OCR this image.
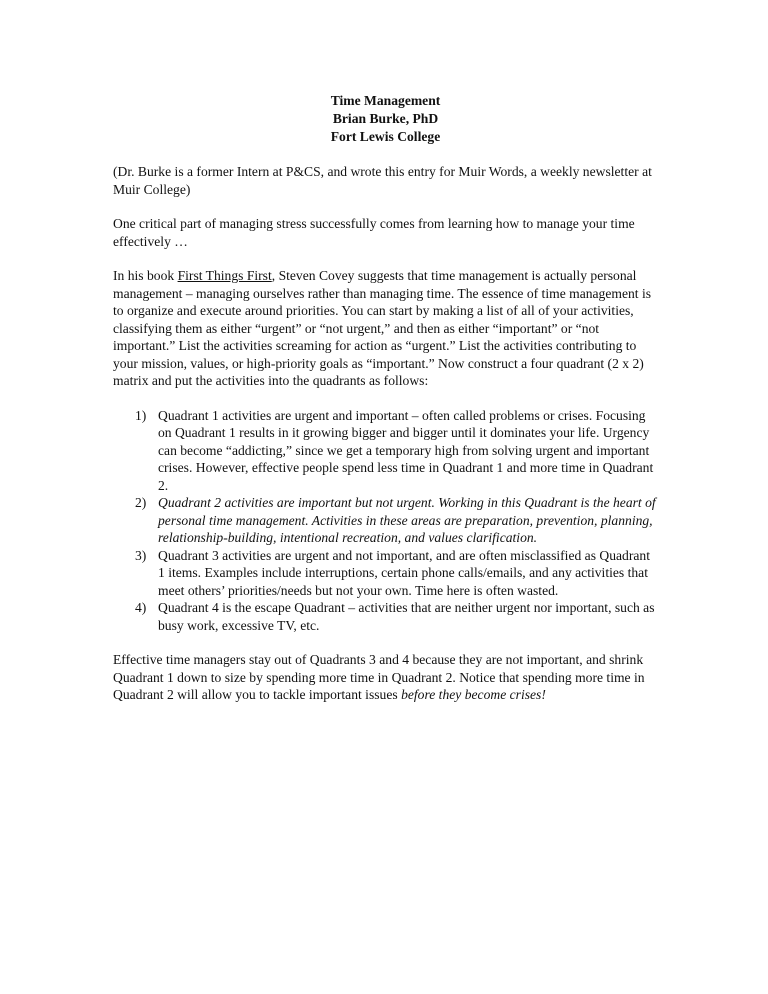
Time Management
Brian Burke, PhD
Fort Lewis College

(Dr. Burke is a former Intern at P&CS, and wrote this entry for Muir Words, a weekly newsletter at Muir College)

One critical part of managing stress successfully comes from learning how to manage your time effectively …

In his book First Things First, Steven Covey suggests that time management is actually personal management – managing ourselves rather than managing time. The essence of time management is to organize and execute around priorities. You can start by making a list of all of your activities, classifying them as either “urgent” or “not urgent,” and then as either “important” or “not important.” List the activities screaming for action as “urgent.” List the activities contributing to your mission, values, or high-priority goals as “important.” Now construct a four quadrant (2 x 2) matrix and put the activities into the quadrants as follows:

1) Quadrant 1 activities are urgent and important – often called problems or crises. Focusing on Quadrant 1 results in it growing bigger and bigger until it dominates your life. Urgency can become “addicting,” since we get a temporary high from solving urgent and important crises. However, effective people spend less time in Quadrant 1 and more time in Quadrant 2.
2) Quadrant 2 activities are important but not urgent. Working in this Quadrant is the heart of personal time management. Activities in these areas are preparation, prevention, planning, relationship-building, intentional recreation, and values clarification.
3) Quadrant 3 activities are urgent and not important, and are often misclassified as Quadrant 1 items. Examples include interruptions, certain phone calls/emails, and any activities that meet others’ priorities/needs but not your own. Time here is often wasted.
4) Quadrant 4 is the escape Quadrant – activities that are neither urgent nor important, such as busy work, excessive TV, etc.

Effective time managers stay out of Quadrants 3 and 4 because they are not important, and shrink Quadrant 1 down to size by spending more time in Quadrant 2. Notice that spending more time in Quadrant 2 will allow you to tackle important issues before they become crises!
